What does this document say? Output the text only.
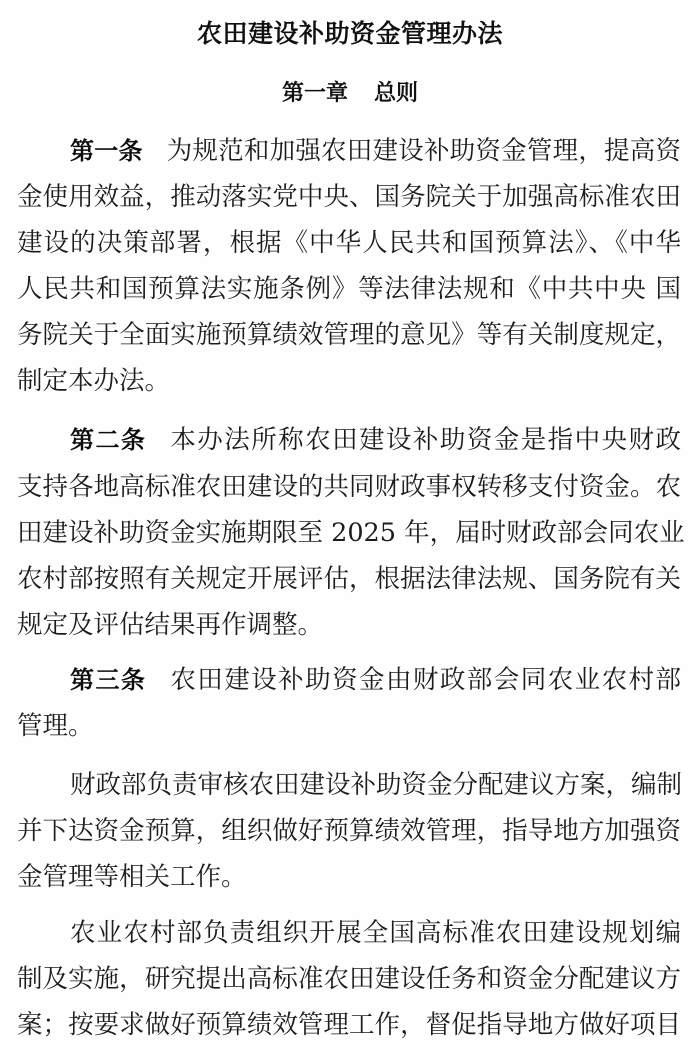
农田建设补助资金管理办法
第一章 总则
第一条 为规范和加强农田建设补助资金管理，提高资
金使用效益，推动落实党中央、国务院关于加强高标准农田
建设的决策部署，根据《中华人民共和国预算法》、《中华
人民共和国预算法实施条例》等法律法规和《中共中央 国
务院关于全面实施预算绩效管理的意见》等有关制度规定，
制定本办法。
第二条 本办法所称农田建设补助资金是指中央财政
支持各地高标准农田建设的共同财政事权转移支付资金。农
田建设补助资金实施期限至 2025 年，届时财政部会同农业
农村部按照有关规定开展评估，根据法律法规、国务院有关
规定及评估结果再作调整。
第三条 农田建设补助资金由财政部会同农业农村部
管理。
财政部负责审核农田建设补助资金分配建议方案，编制
并下达资金预算，组织做好预算绩效管理，指导地方加强资
金管理等相关工作。
农业农村部负责组织开展全国高标准农田建设规划编
制及实施，研究提出高标准农田建设任务和资金分配建议方
案；按要求做好预算绩效管理工作，督促指导地方做好项目
